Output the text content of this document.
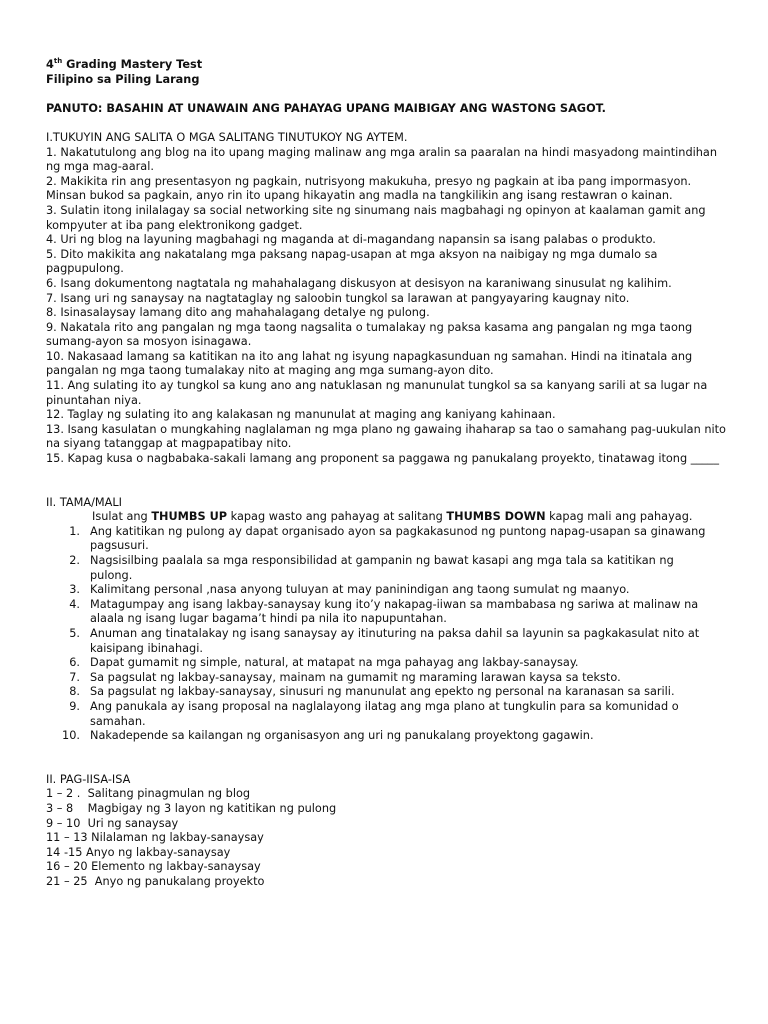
4th Grading Mastery Test
Filipino sa Piling Larang
PANUTO: BASAHIN AT UNAWAIN ANG PAHAYAG UPANG MAIBIGAY ANG WASTONG SAGOT.
I.TUKUYIN ANG SALITA O MGA SALITANG TINUTUKOY NG AYTEM.
1. Nakatutulong ang blog na ito upang maging malinaw ang mga aralin sa paaralan na hindi masyadong maintindihan ng mga mag-aaral.
2. Makikita rin ang presentasyon ng pagkain, nutrisyong makukuha, presyo ng pagkain at iba pang impormasyon. Minsan bukod sa pagkain, anyo rin ito upang hikayatin ang madla na tangkilikin ang isang restawran o kainan.
3. Sulatin itong inilalagay sa social networking site ng sinumang nais magbahagi ng opinyon at kaalaman gamit ang kompyuter at iba pang elektronikong gadget.
4. Uri ng blog na layuning magbahagi ng maganda at di-magandang napansin sa isang palabas o produkto.
5. Dito makikita ang nakatalang mga paksang napag-usapan at mga aksyon na naibigay ng mga dumalo sa pagpupulong.
6. Isang dokumentong nagtatala ng mahahalagang diskusyon at desisyon na karaniwang sinusulat ng kalihim.
7. Isang uri ng sanaysay na nagtataglay ng saloobin tungkol sa larawan at pangyayaring kaugnay nito.
8. Isinasalaysay lamang dito ang mahahalagang detalye ng pulong.
9. Nakatala rito ang pangalan ng mga taong nagsalita o tumalakay ng paksa kasama ang pangalan ng mga taong sumang-ayon sa mosyon isinagawa.
10. Nakasaad lamang sa katitikan na ito ang lahat ng isyung napagkasunduan ng samahan. Hindi na itinatala ang pangalan ng mga taong tumalakay nito at maging ang mga sumang-ayon dito.
11. Ang sulating ito ay tungkol sa kung ano ang natuklasan ng manunulat tungkol sa sa kanyang sarili at sa lugar na pinuntahan niya.
12. Taglay ng sulating ito ang kalakasan ng manunulat at maging ang kaniyang kahinaan.
13. Isang kasulatan o mungkahing naglalaman ng mga plano ng gawaing ihaharap sa tao o samahang pag-uukulan nito na siyang tatanggap at magpapatibay nito.
15. Kapag kusa o nagbabaka-sakali lamang ang proponent sa paggawa ng panukalang proyekto, tinatawag itong _____
II. TAMA/MALI
Isulat ang THUMBS UP kapag wasto ang pahayag at salitang THUMBS DOWN kapag mali ang pahayag.
1. Ang katitikan ng pulong ay dapat organisado ayon sa pagkakasunod ng puntong napag-usapan sa ginawang pagsusuri.
2. Nagsisilbing paalala sa mga responsibilidad at gampanin ng bawat kasapi ang mga tala sa katitikan ng pulong.
3. Kalimitang personal ,nasa anyong tuluyan at may paninindigan ang taong sumulat ng maanyo.
4. Matagumpay ang isang lakbay-sanaysay kung ito’y nakapag-iiwan sa mambabasa ng sariwa at malinaw na alaala ng isang lugar bagama’t hindi pa nila ito napupuntahan.
5. Anuman ang tinatalakay ng isang sanaysay ay itinuturing na paksa dahil sa layunin sa pagkakasulat nito at kaisipang ibinahagi.
6. Dapat gumamit ng simple, natural, at matapat na mga pahayag ang lakbay-sanaysay.
7. Sa pagsulat ng lakbay-sanaysay, mainam na gumamit ng maraming larawan kaysa sa teksto.
8. Sa pagsulat ng lakbay-sanaysay, sinusuri ng manunulat ang epekto ng personal na karanasan sa sarili.
9. Ang panukala ay isang proposal na naglalayong ilatag ang mga plano at tungkulin para sa komunidad o samahan.
10. Nakadepende sa kailangan ng organisasyon ang uri ng panukalang proyektong gagawin.
II. PAG-IISA-ISA
1 – 2 .  Salitang pinagmulan ng blog
3 – 8    Magbigay ng 3 layon ng katitikan ng pulong
9 – 10  Uri ng sanaysay
11 – 13 Nilalaman ng lakbay-sanaysay
14 -15 Anyo ng lakbay-sanaysay
16 – 20 Elemento ng lakbay-sanaysay
21 – 25  Anyo ng panukalang proyekto
